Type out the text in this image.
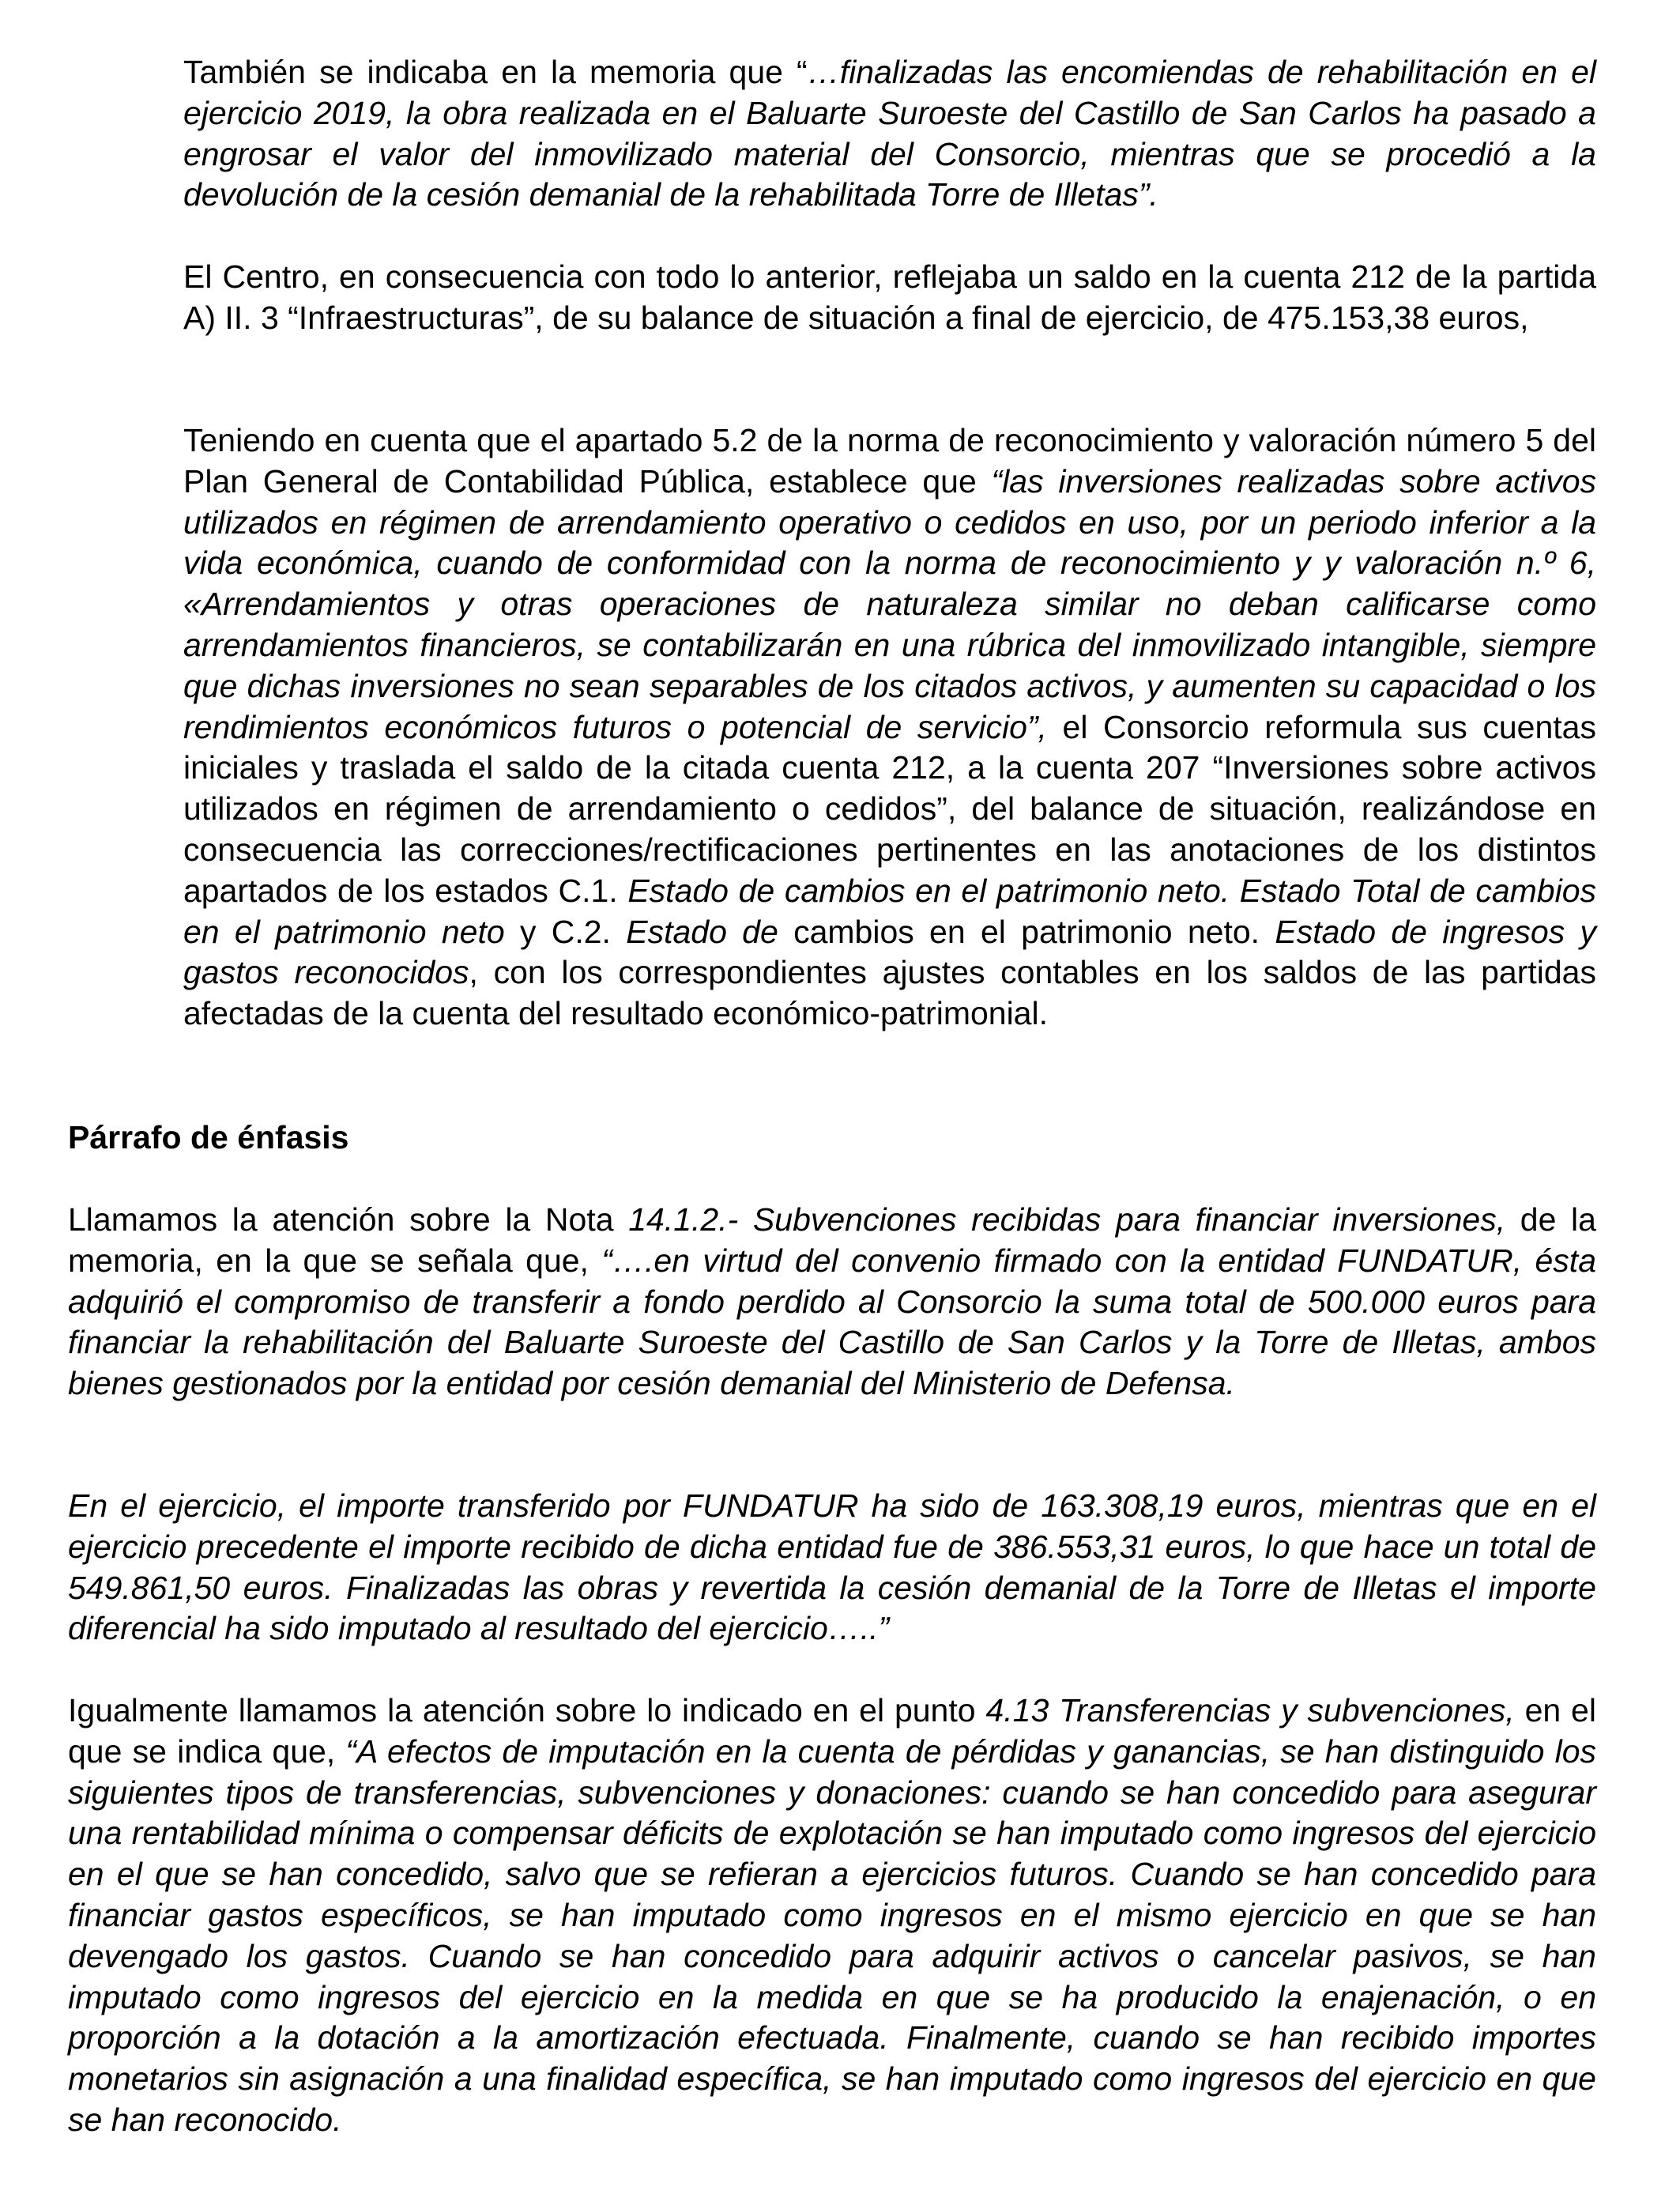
También se indicaba en la memoria que “…finalizadas las encomiendas de rehabilitación en el ejercicio 2019, la obra realizada en el Baluarte Suroeste del Castillo de San Carlos ha pasado a engrosar el valor del inmovilizado material del Consorcio, mientras que se procedió a la devolución de la cesión demanial de la rehabilitada Torre de Illetas”.

El Centro, en consecuencia con todo lo anterior, reflejaba un saldo en la cuenta 212 de la partida A) II. 3 “Infraestructuras”, de su balance de situación a final de ejercicio, de 475.153,38 euros,

Teniendo en cuenta que el apartado 5.2 de la norma de reconocimiento y valoración número 5 del Plan General de Contabilidad Pública, establece que “las inversiones realizadas sobre activos utilizados en régimen de arrendamiento operativo o cedidos en uso, por un periodo inferior a la vida económica, cuando de conformidad con la norma de reconocimiento y y valoración n.º 6, «Arrendamientos y otras operaciones de naturaleza similar no deban calificarse como arrendamientos financieros, se contabilizarán en una rúbrica del inmovilizado intangible, siempre que dichas inversiones no sean separables de los citados activos, y aumenten su capacidad o los rendimientos económicos futuros o potencial de servicio”, el Consorcio reformula sus cuentas iniciales y traslada el saldo de la citada cuenta 212, a la cuenta 207 “Inversiones sobre activos utilizados en régimen de arrendamiento o cedidos”, del balance de situación, realizándose en consecuencia las correcciones/rectificaciones pertinentes en las anotaciones de los distintos apartados de los estados C.1. Estado de cambios en el patrimonio neto. Estado Total de cambios en el patrimonio neto y C.2. Estado de cambios en el patrimonio neto. Estado de ingresos y gastos reconocidos, con los correspondientes ajustes contables en los saldos de las partidas afectadas de la cuenta del resultado económico-patrimonial.

Párrafo de énfasis

Llamamos la atención sobre la Nota 14.1.2.- Subvenciones recibidas para financiar inversiones, de la memoria, en la que se señala que, “….en virtud del convenio firmado con la entidad FUNDATUR, ésta adquirió el compromiso de transferir a fondo perdido al Consorcio la suma total de 500.000 euros para financiar la rehabilitación del Baluarte Suroeste del Castillo de San Carlos y la Torre de Illetas, ambos bienes gestionados por la entidad por cesión demanial del Ministerio de Defensa.

En el ejercicio, el importe transferido por FUNDATUR ha sido de 163.308,19 euros, mientras que en el ejercicio precedente el importe recibido de dicha entidad fue de 386.553,31 euros, lo que hace un total de 549.861,50 euros. Finalizadas las obras y revertida la cesión demanial de la Torre de Illetas el importe diferencial ha sido imputado al resultado del ejercicio…..”

Igualmente llamamos la atención sobre lo indicado en el punto 4.13 Transferencias y subvenciones, en el que se indica que, “A efectos de imputación en la cuenta de pérdidas y ganancias, se han distinguido los siguientes tipos de transferencias, subvenciones y donaciones: cuando se han concedido para asegurar una rentabilidad mínima o compensar déficits de explotación se han imputado como ingresos del ejercicio en el que se han concedido, salvo que se refieran a ejercicios futuros. Cuando se han concedido para financiar gastos específicos, se han imputado como ingresos en el mismo ejercicio en que se han devengado los gastos. Cuando se han concedido para adquirir activos o cancelar pasivos, se han imputado como ingresos del ejercicio en la medida en que se ha producido la enajenación, o en proporción a la dotación a la amortización efectuada. Finalmente, cuando se han recibido importes monetarios sin asignación a una finalidad específica, se han imputado como ingresos del ejercicio en que se han reconocido.
